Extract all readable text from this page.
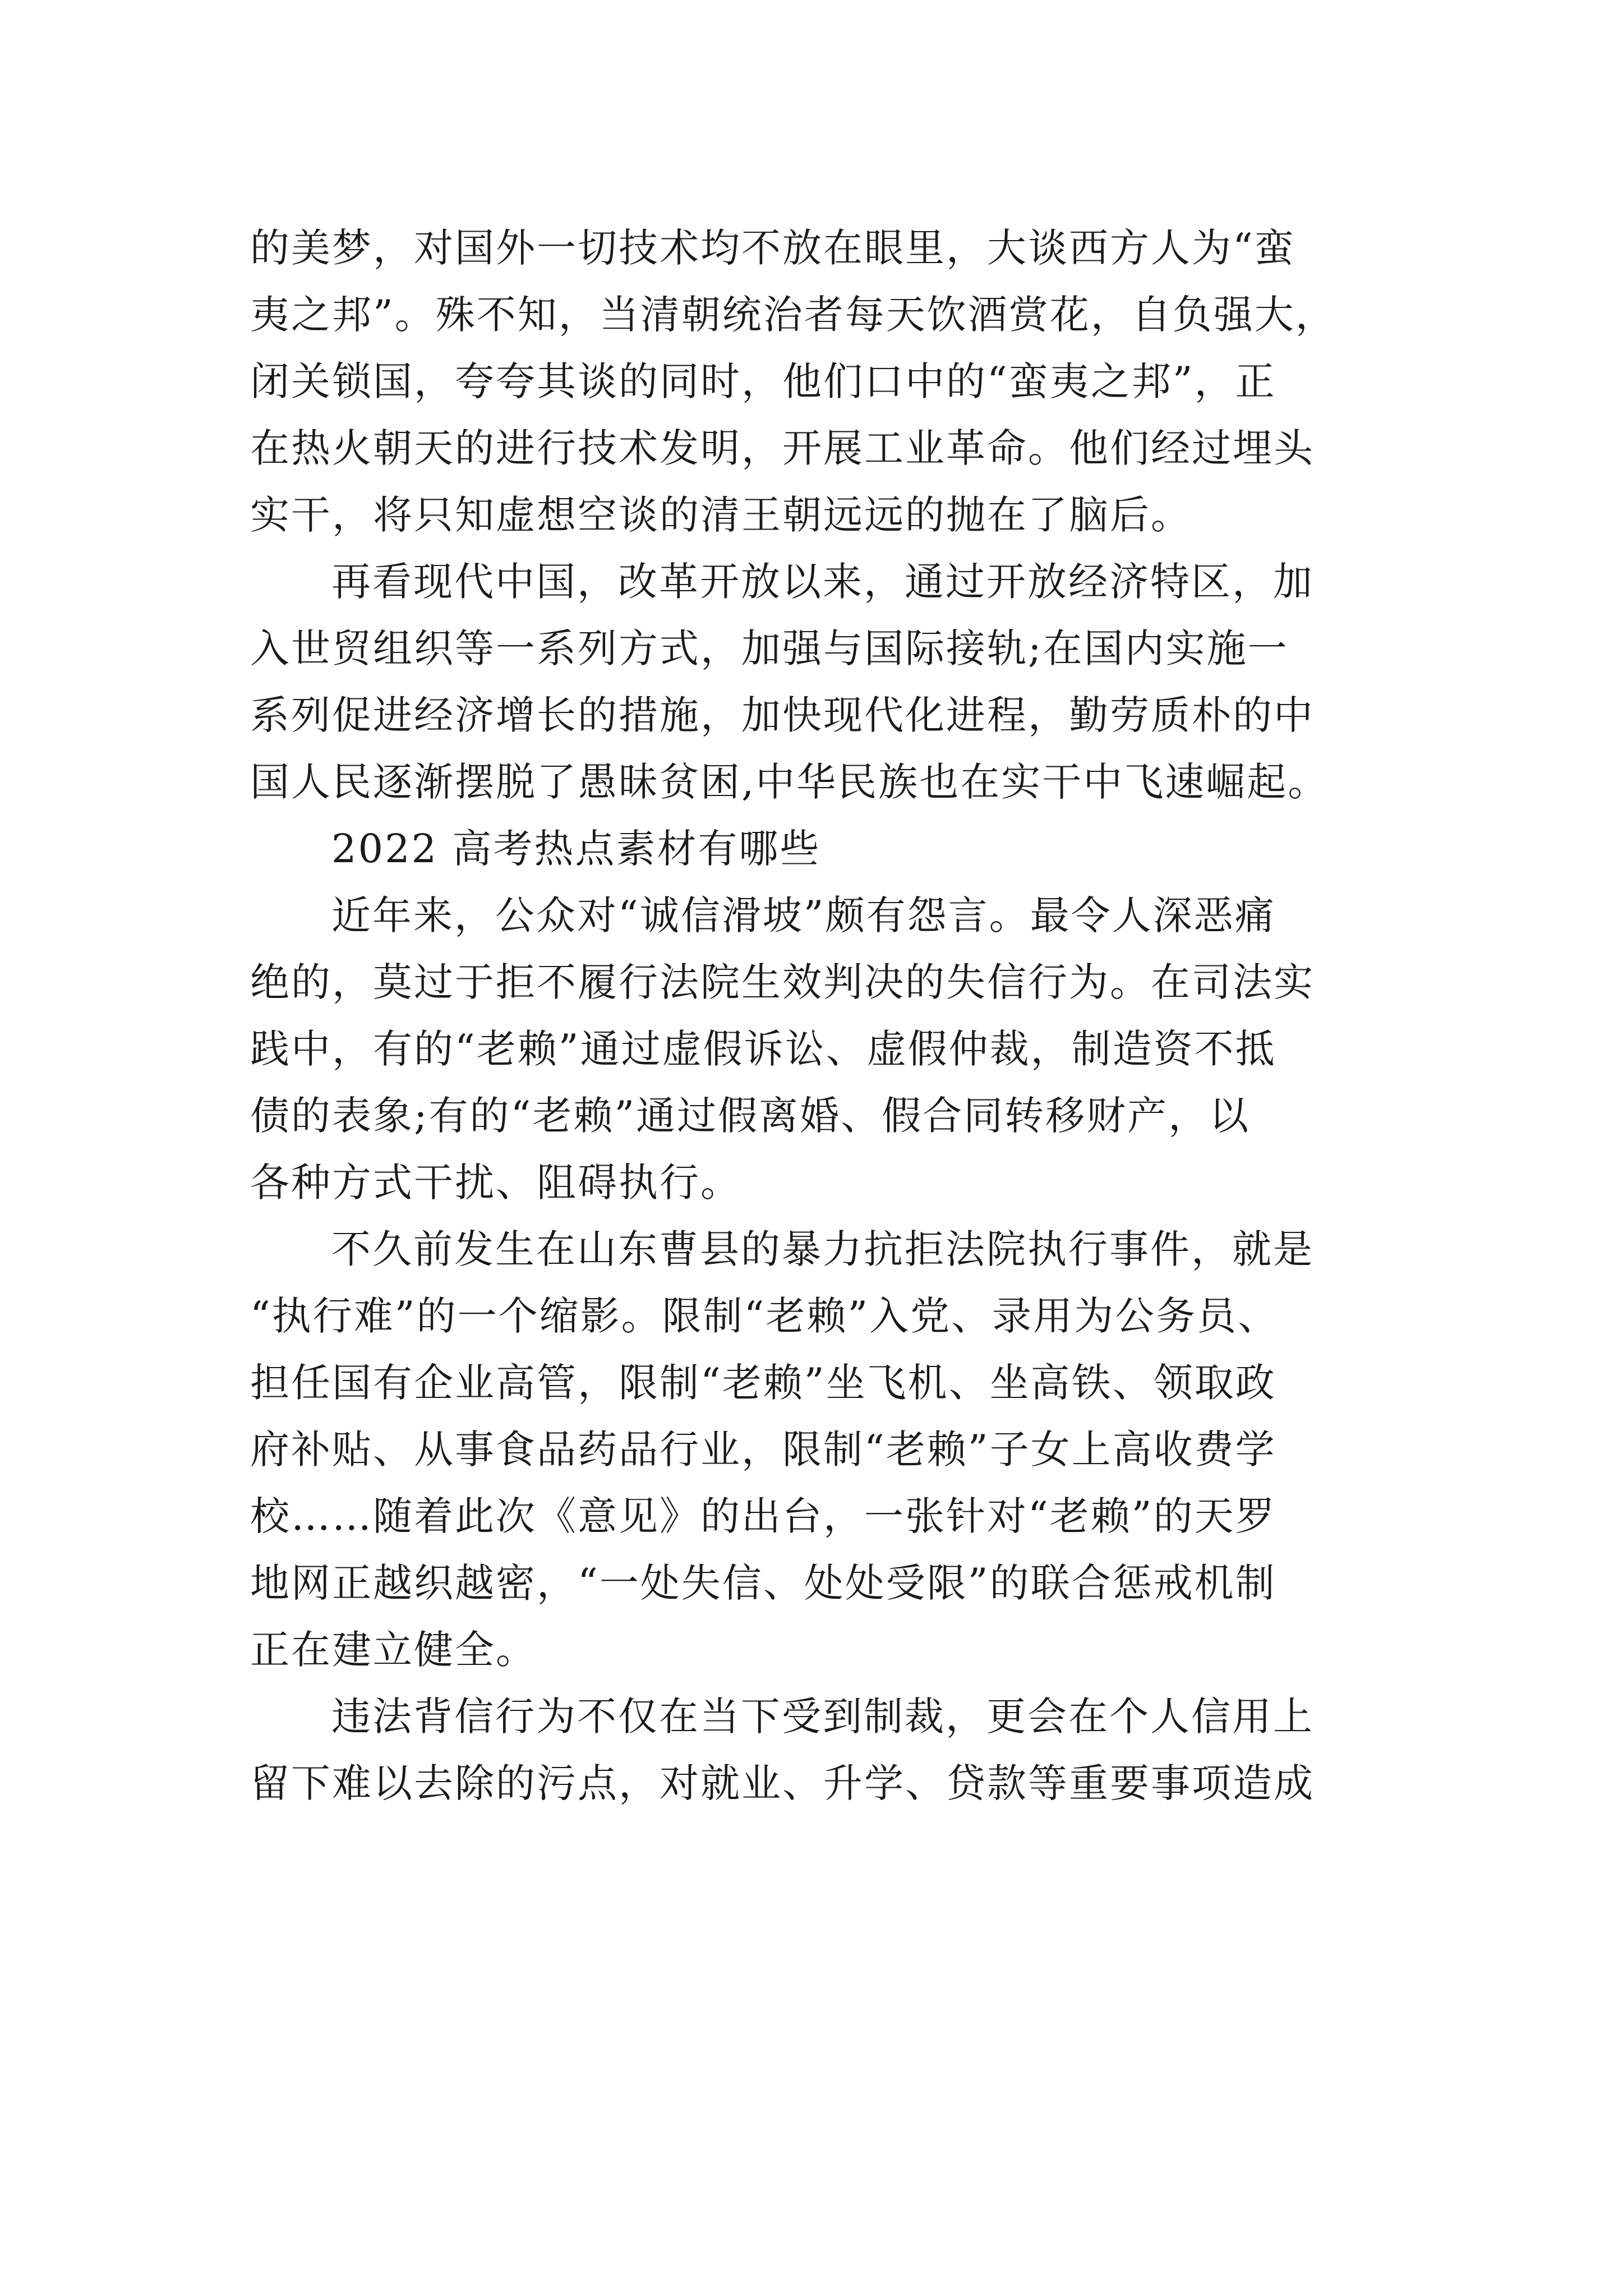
的美梦，对国外一切技术均不放在眼里，大谈西方人为“蛮
夷之邦”。殊不知，当清朝统治者每天饮酒赏花，自负强大，
闭关锁国，夸夸其谈的同时，他们口中的“蛮夷之邦”，正
在热火朝天的进行技术发明，开展工业革命。他们经过埋头
实干，将只知虚想空谈的清王朝远远的抛在了脑后。
再看现代中国，改革开放以来，通过开放经济特区，加
入世贸组织等一系列方式，加强与国际接轨;在国内实施一
系列促进经济增长的措施，加快现代化进程，勤劳质朴的中
国人民逐渐摆脱了愚昧贫困,中华民族也在实干中飞速崛起。
2022 高考热点素材有哪些
近年来，公众对“诚信滑坡”颇有怨言。最令人深恶痛
绝的，莫过于拒不履行法院生效判决的失信行为。在司法实
践中，有的“老赖”通过虚假诉讼、虚假仲裁，制造资不抵
债的表象;有的“老赖”通过假离婚、假合同转移财产，以
各种方式干扰、阻碍执行。
不久前发生在山东曹县的暴力抗拒法院执行事件，就是
“执行难”的一个缩影。限制“老赖”入党、录用为公务员、
担任国有企业高管，限制“老赖”坐飞机、坐高铁、领取政
府补贴、从事食品药品行业，限制“老赖”子女上高收费学
校……随着此次《意见》的出台，一张针对“老赖”的天罗
地网正越织越密，“一处失信、处处受限”的联合惩戒机制
正在建立健全。
违法背信行为不仅在当下受到制裁，更会在个人信用上
留下难以去除的污点，对就业、升学、贷款等重要事项造成
